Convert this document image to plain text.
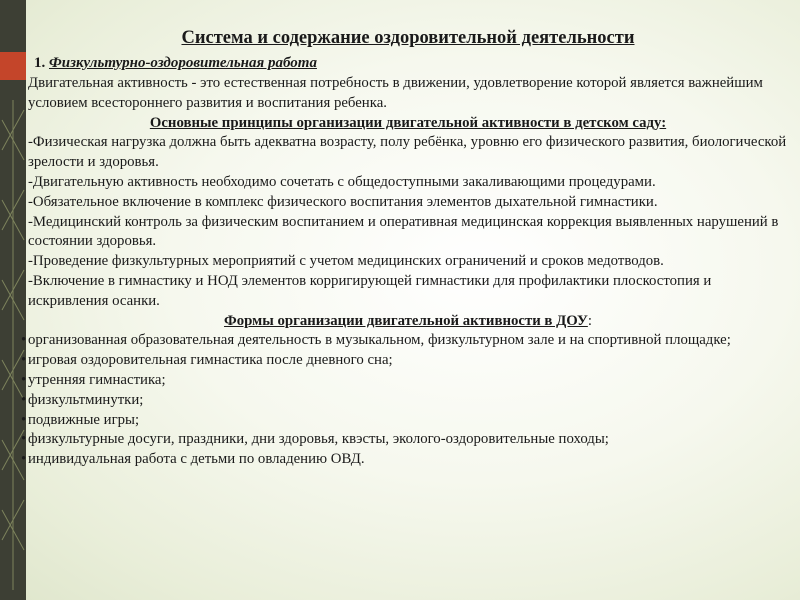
Система и содержание оздоровительной деятельности
1. Физкультурно-оздоровительная работа

Двигательная активность - это естественная потребность в движении, удовлетворение которой является важнейшим условием всестороннего развития и воспитания ребенка.

Основные принципы организации двигательной активности в детском саду:

-Физическая нагрузка должна быть адекватна возрасту, полу ребёнка, уровню его физического развития, биологической зрелости и здоровья.

-Двигательную активность необходимо сочетать с общедоступными закаливающими процедурами.

-Обязательное включение в комплекс физического воспитания элементов дыхательной гимнастики.

-Медицинский контроль за физическим воспитанием и оперативная медицинская коррекция выявленных нарушений в состоянии здоровья.

-Проведение физкультурных мероприятий с учетом медицинских ограничений и сроков медотводов.

-Включение в гимнастику и НОД элементов корригирующей гимнастики для профилактики плоскостопия и искривления осанки.

Формы организации двигательной активности в ДОУ:

• организованная образовательная деятельность в музыкальном, физкультурном зале и на спортивной площадке;
• игровая оздоровительная гимнастика после дневного сна;
• утренняя гимнастика;
• физкультминутки;
• подвижные игры;
• физкультурные досуги, праздники, дни здоровья, квэсты, эколого-оздоровительные походы;
• индивидуальная работа с детьми по овладению ОВД.
